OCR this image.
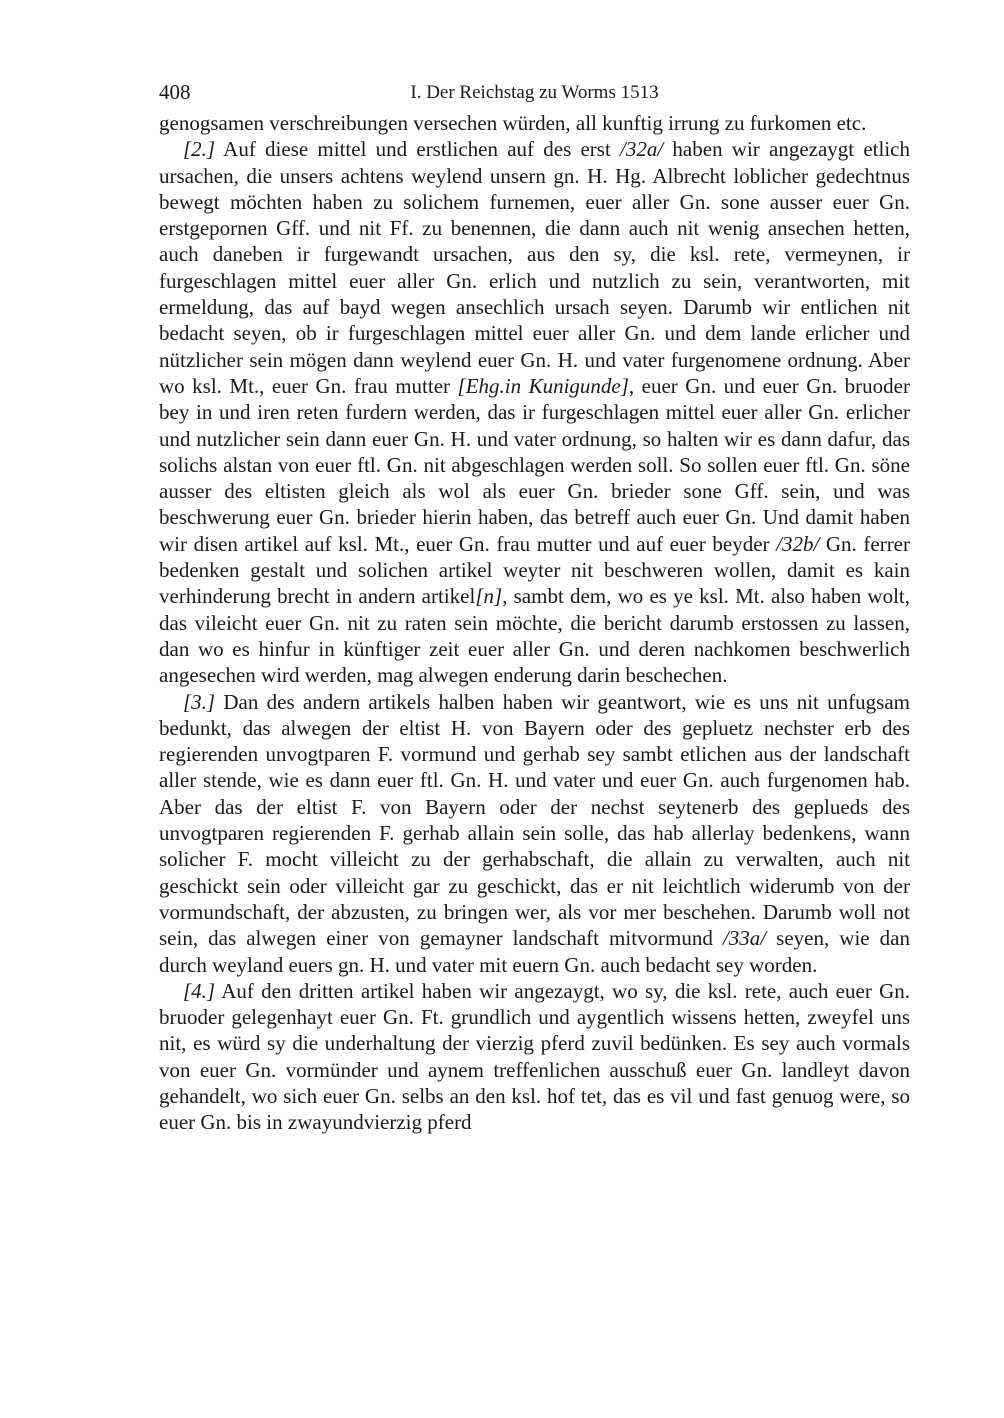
408	I. Der Reichstag zu Worms 1513

genogsamen verschreibungen versechen würden, all kunftig irrung zu furkomen etc.

[2.] Auf diese mittel und erstlichen auf des erst /32a/ haben wir angezaygt etlich ursachen, die unsers achtens weylend unsern gn. H. Hg. Albrecht loblicher gedechtnus bewegt möchten haben zu solichem furnemen, euer aller Gn. sone ausser euer Gn. erstgepornen Gff. und nit Ff. zu benennen, die dann auch nit wenig ansechen hetten, auch daneben ir furgewandt ursachen, aus den sy, die ksl. rete, vermeynen, ir furgeschlagen mittel euer aller Gn. erlich und nutzlich zu sein, verantworten, mit ermeldung, das auf bayd wegen ansechlich ursach seyen. Darumb wir entlichen nit bedacht seyen, ob ir furgeschlagen mittel euer aller Gn. und dem lande erlicher und nützlicher sein mögen dann weylend euer Gn. H. und vater furgenomene ordnung. Aber wo ksl. Mt., euer Gn. frau mutter [Ehg.in Kunigunde], euer Gn. und euer Gn. bruoder bey in und iren reten furdern werden, das ir furgeschlagen mittel euer aller Gn. erlicher und nutzlicher sein dann euer Gn. H. und vater ordnung, so halten wir es dann dafur, das solichs alstan von euer ftl. Gn. nit abgeschlagen werden soll. So sollen euer ftl. Gn. söne ausser des eltisten gleich als wol als euer Gn. brieder sone Gff. sein, und was beschwerung euer Gn. brieder hierin haben, das betreff auch euer Gn. Und damit haben wir disen artikel auf ksl. Mt., euer Gn. frau mutter und auf euer beyder /32b/ Gn. ferrer bedenken gestalt und solichen artikel weyter nit beschweren wollen, damit es kain verhinderung brecht in andern artikel[n], sambt dem, wo es ye ksl. Mt. also haben wolt, das vileicht euer Gn. nit zu raten sein möchte, die bericht darumb erstossen zu lassen, dan wo es hinfur in künftiger zeit euer aller Gn. und deren nachkomen beschwerlich angesechen wird werden, mag alwegen enderung darin beschechen.

[3.] Dan des andern artikels halben haben wir geantwort, wie es uns nit unfugsam bedunkt, das alwegen der eltist H. von Bayern oder des gepluetz nechster erb des regierenden unvogtparen F. vormund und gerhab sey sambt etlichen aus der landschaft aller stende, wie es dann euer ftl. Gn. H. und vater und euer Gn. auch furgenomen hab. Aber das der eltist F. von Bayern oder der nechst seytenerb des geplueds des unvogtparen regierenden F. gerhab allain sein solle, das hab allerlay bedenkens, wann solicher F. mocht villeicht zu der gerhabschaft, die allain zu verwalten, auch nit geschickt sein oder villeicht gar zu geschickt, das er nit leichtlich widerumb von der vormundschaft, der abzusten, zu bringen wer, als vor mer beschehen. Darumb woll not sein, das alwegen einer von gemayner landschaft mitvormund /33a/ seyen, wie dan durch weyland euers gn. H. und vater mit euern Gn. auch bedacht sey worden.

[4.] Auf den dritten artikel haben wir angezaygt, wo sy, die ksl. rete, auch euer Gn. bruoder gelegenhayt euer Gn. Ft. grundlich und aygentlich wissens hetten, zweyfel uns nit, es würd sy die underhaltung der vierzig pferd zuvil bedünken. Es sey auch vormals von euer Gn. vormünder und aynem treffenlichen ausschuß euer Gn. landleyt davon gehandelt, wo sich euer Gn. selbs an den ksl. hof tet, das es vil und fast genuog were, so euer Gn. bis in zwayundvierzig pferd
